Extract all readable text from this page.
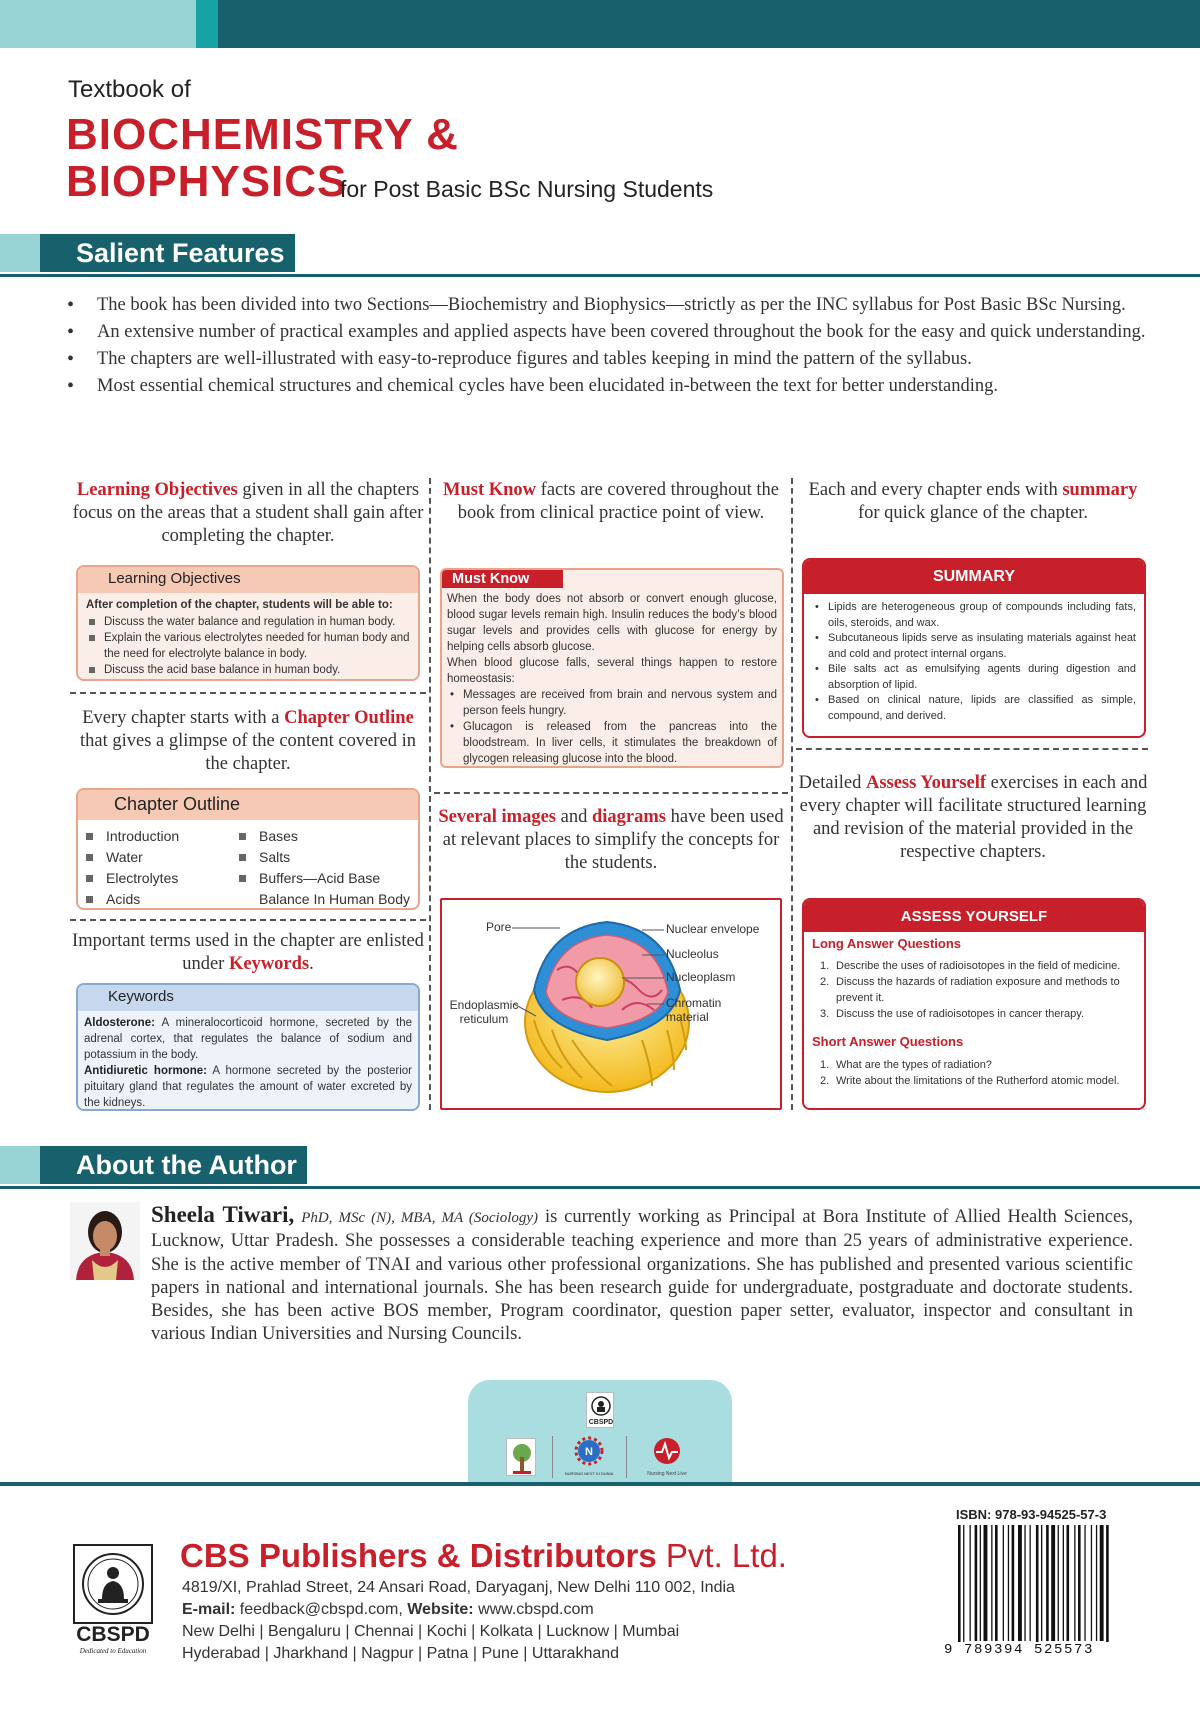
Textbook of
BIOCHEMISTRY &
BIOPHYSICS
for Post Basic BSc Nursing Students
Salient Features
• The book has been divided into two Sections—Biochemistry and Biophysics—strictly as per the INC syllabus for Post Basic BSc Nursing.
• An extensive number of practical examples and applied aspects have been covered throughout the book for the easy and quick understanding.
• The chapters are well-illustrated with easy-to-reproduce figures and tables keeping in mind the pattern of the syllabus.
• Most essential chemical structures and chemical cycles have been elucidated in-between the text for better understanding.
Learning Objectives given in all the chapters focus on the areas that a student shall gain after completing the chapter.
Learning Objectives
After completion of the chapter, students will be able to:
Discuss the water balance and regulation in human body.
Explain the various electrolytes needed for human body and the need for electrolyte balance in body.
Discuss the acid base balance in human body.
Every chapter starts with a Chapter Outline that gives a glimpse of the content covered in the chapter.
Chapter Outline
Introduction
Water
Electrolytes
Acids
Bases
Salts
Buffers—Acid Base
Balance In Human Body
Important terms used in the chapter are enlisted under Keywords.
Keywords
Aldosterone: A mineralocorticoid hormone, secreted by the adrenal cortex, that regulates the balance of sodium and potassium in the body.
Antidiuretic hormone: A hormone secreted by the posterior pituitary gland that regulates the amount of water excreted by the kidneys.
Must Know facts are covered throughout the book from clinical practice point of view.
Must Know
When the body does not absorb or convert enough glucose, blood sugar levels remain high. Insulin reduces the body’s blood sugar levels and provides cells with glucose for energy by helping cells absorb glucose.
When blood glucose falls, several things happen to restore homeostasis:
• Messages are received from brain and nervous system and person feels hungry.
• Glucagon is released from the pancreas into the bloodstream. In liver cells, it stimulates the breakdown of glycogen releasing glucose into the blood.
Several images and diagrams have been used at relevant places to simplify the concepts for the students.
Pore	Nuclear envelope
Nucleolus
Nucleoplasm
Chromatin material
Endoplasmic reticulum
Each and every chapter ends with summary for quick glance of the chapter.
SUMMARY
• Lipids are heterogeneous group of compounds including fats, oils, steroids, and wax.
• Subcutaneous lipids serve as insulating materials against heat and cold and protect internal organs.
• Bile salts act as emulsifying agents during digestion and absorption of lipid.
• Based on clinical nature, lipids are classified as simple, compound, and derived.
Detailed Assess Yourself exercises in each and every chapter will facilitate structured learning and revision of the material provided in the respective chapters.
ASSESS YOURSELF
Long Answer Questions
1. Describe the uses of radioisotopes in the field of medicine.
2. Discuss the hazards of radiation exposure and methods to prevent it.
3. Discuss the use of radioisotopes in cancer therapy.
Short Answer Questions
1. What are the types of radiation?
2. Write about the limitations of the Rutherford atomic model.
About the Author
Sheela Tiwari, PhD, MSc (N), MBA, MA (Sociology) is currently working as Principal at Bora Institute of Allied Health Sciences, Lucknow, Uttar Pradesh. She possesses a considerable teaching experience and more than 25 years of administrative experience. She is the active member of TNAI and various other professional organizations. She has published and presented various scientific papers in national and international journals. She has been research guide for undergraduate, postgraduate and doctorate students. Besides, she has been active BOS member, Program coordinator, question paper setter, evaluator, inspector and consultant in various Indian Universities and Nursing Councils.
CBSPD
N
NURSING NEXT KI DUNIA	Nursing Next Live
CBSPD
Dedicated to Education
CBS Publishers & Distributors Pvt. Ltd.
4819/XI, Prahlad Street, 24 Ansari Road, Daryaganj, New Delhi 110 002, India
E-mail: feedback@cbspd.com, Website: www.cbspd.com
New Delhi | Bengaluru | Chennai | Kochi | Kolkata | Lucknow | Mumbai
Hyderabad | Jharkhand | Nagpur | Patna | Pune | Uttarakhand
ISBN: 978-93-94525-57-3
9 789394 525573
